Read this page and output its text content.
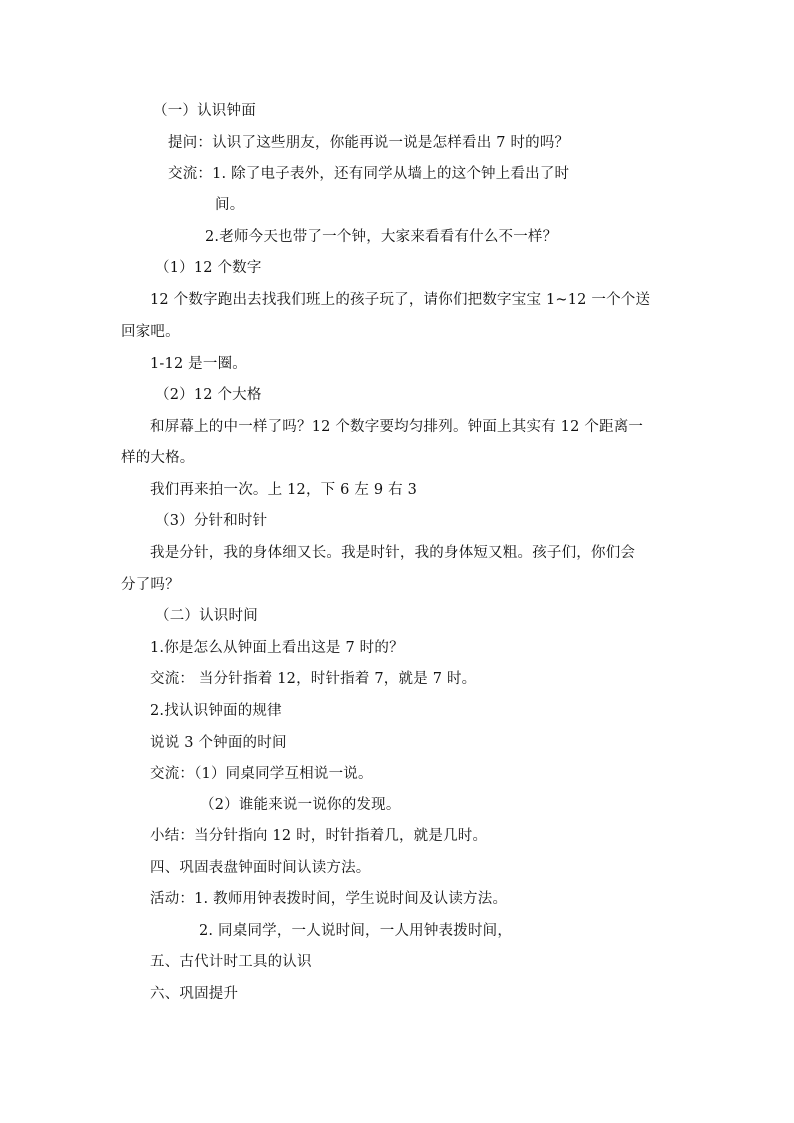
（一）认识钟面
提问：认识了这些朋友，你能再说一说是怎样看出 7 时的吗？
交流：1. 除了电子表外，还有同学从墙上的这个钟上看出了时
间。
2.老师今天也带了一个钟，大家来看看有什么不一样？
（1）12 个数字
12 个数字跑出去找我们班上的孩子玩了，请你们把数字宝宝 1~12 一个个送
回家吧。
1-12 是一圈。
（2）12 个大格
和屏幕上的中一样了吗？12 个数字要均匀排列。钟面上其实有 12 个距离一
样的大格。
我们再来拍一次。上 12，下 6 左 9 右 3
（3）分针和时针
我是分针，我的身体细又长。我是时针，我的身体短又粗。孩子们，你们会
分了吗？
（二）认识时间
1.你是怎么从钟面上看出这是 7 时的？
交流： 当分针指着 12，时针指着 7，就是 7 时。
2.找认识钟面的规律
说说 3 个钟面的时间
交流：（1）同桌同学互相说一说。
（2）谁能来说一说你的发现。
小结：当分针指向 12 时，时针指着几，就是几时。
四、巩固表盘钟面时间认读方法。
活动：1. 教师用钟表拨时间，学生说时间及认读方法。
2. 同桌同学，一人说时间，一人用钟表拨时间，
五、古代计时工具的认识
六、巩固提升
